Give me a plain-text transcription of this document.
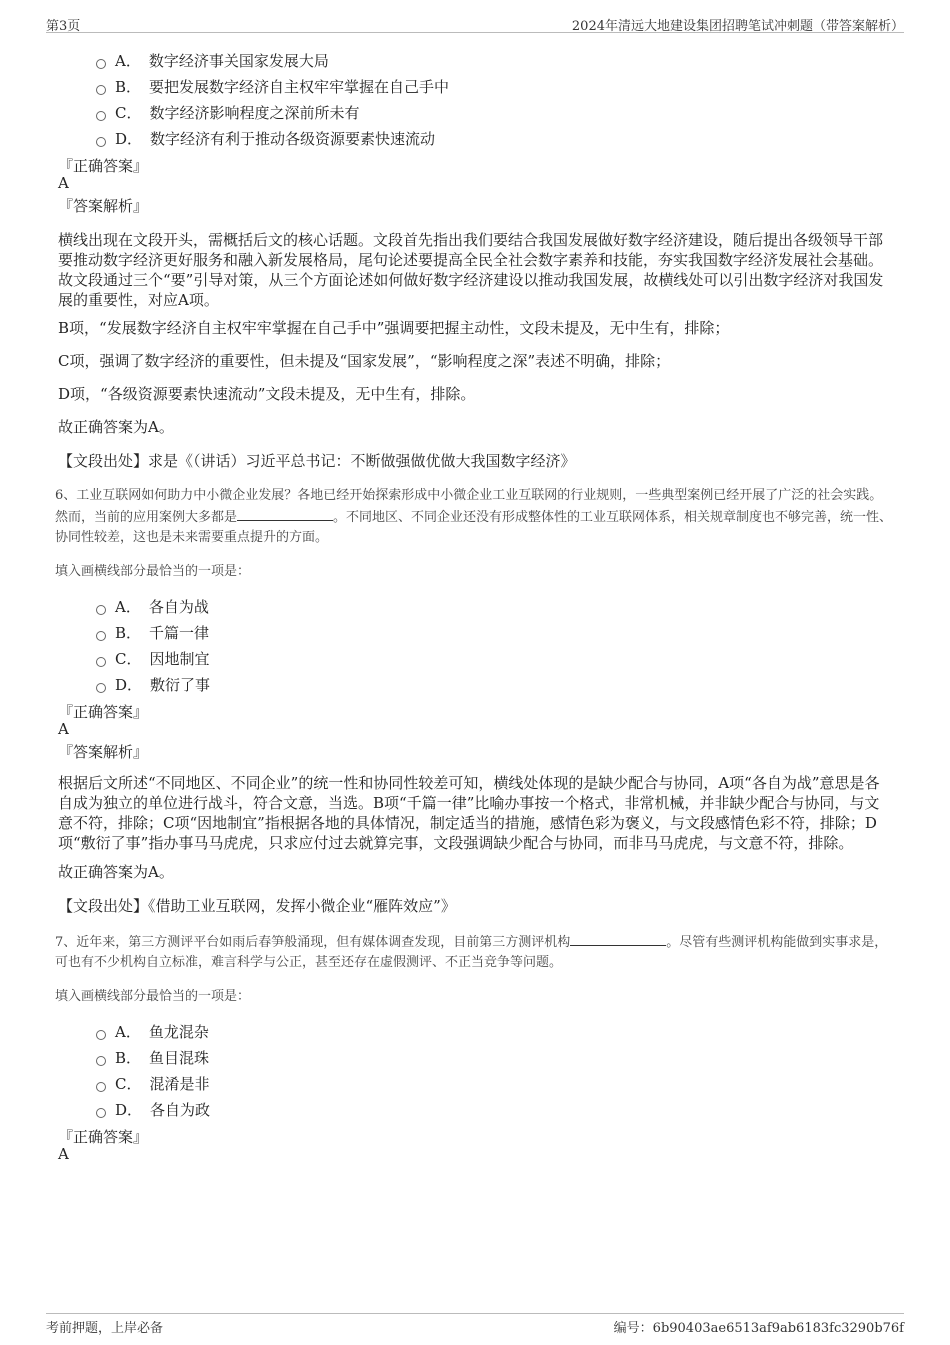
第3页	2024年清远大地建设集团招聘笔试冲刺题（带答案解析）
A． 数字经济事关国家发展大局
B． 要把发展数字经济自主权牢牢掌握在自己手中
C． 数字经济影响程度之深前所未有
D． 数字经济有利于推动各级资源要素快速流动
『正确答案』
A
『答案解析』
横线出现在文段开头，需概括后文的核心话题。文段首先指出我们要结合我国发展做好数字经济建设，随后提出各级领导干部要推动数字经济更好服务和融入新发展格局，尾句论述要提高全民全社会数字素养和技能，夯实我国数字经济发展社会基础。故文段通过三个“要”引导对策，从三个方面论述如何做好数字经济建设以推动我国发展，故横线处可以引出数字经济对我国发展的重要性，对应A项。
B项，“发展数字经济自主权牢牢掌握在自己手中”强调要把握主动性，文段未提及，无中生有，排除；
C项，强调了数字经济的重要性，但未提及“国家发展”，“影响程度之深”表述不明确，排除；
D项，“各级资源要素快速流动”文段未提及，无中生有，排除。
故正确答案为A。
【文段出处】求是《（讲话）习近平总书记：不断做强做优做大我国数字经济》
6、工业互联网如何助力中小微企业发展？各地已经开始探索形成中小微企业工业互联网的行业规则，一些典型案例已经开展了广泛的社会实践。然而，当前的应用案例大多都是	。不同地区、不同企业还没有形成整体性的工业互联网体系，相关规章制度也不够完善，统一性、协同性较差，这也是未来需要重点提升的方面。
填入画横线部分最恰当的一项是：
A． 各自为战
B． 千篇一律
C． 因地制宜
D． 敷衍了事
『正确答案』
A
『答案解析』
根据后文所述“不同地区、不同企业”的统一性和协同性较差可知，横线处体现的是缺少配合与协同，A项“各自为战”意思是各自成为独立的单位进行战斗，符合文意，当选。B项“千篇一律”比喻办事按一个格式，非常机械，并非缺少配合与协同，与文意不符，排除；C项“因地制宜”指根据各地的具体情况，制定适当的措施，感情色彩为褒义，与文段感情色彩不符，排除；D项“敷衍了事”指办事马马虎虎，只求应付过去就算完事，文段强调缺少配合与协同，而非马马虎虎，与文意不符，排除。
故正确答案为A。
【文段出处】《借助工业互联网，发挥小微企业“雁阵效应”》
7、近年来，第三方测评平台如雨后春笋般涌现，但有媒体调查发现，目前第三方测评机构	。尽管有些测评机构能做到实事求是，可也有不少机构自立标准，难言科学与公正，甚至还存在虚假测评、不正当竞争等问题。
填入画横线部分最恰当的一项是：
A． 鱼龙混杂
B． 鱼目混珠
C． 混淆是非
D． 各自为政
『正确答案』
A
考前押题，上岸必备	编号：6b90403ae6513af9ab6183fc3290b76f
